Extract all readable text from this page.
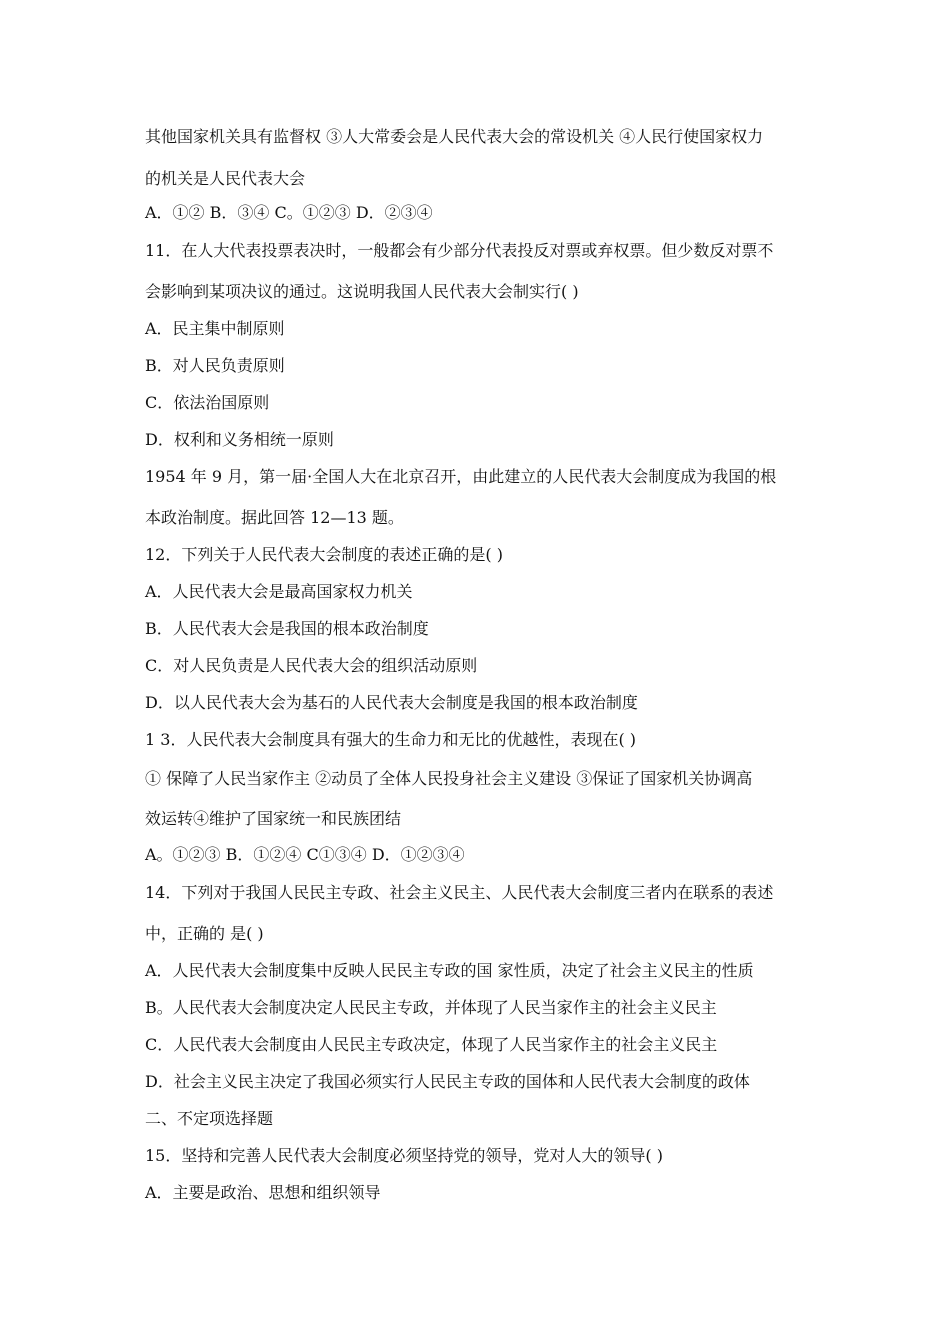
其他国家机关具有监督权 ③人大常委会是人民代表大会的常设机关 ④人民行使国家权力
的机关是人民代表大会
A．①② B．③④ C。①②③ D．②③④
11．在人大代表投票表决时，一般都会有少部分代表投反对票或弃权票。但少数反对票不
会影响到某项决议的通过。这说明我国人民代表大会制实行( )
A．民主集中制原则
B．对人民负责原则
C．依法治国原则
D．权利和义务相统一原则
1954 年 9 月，第一届·全国人大在北京召开，由此建立的人民代表大会制度成为我国的根
本政治制度。据此回答 12—13 题。
12．下列关于人民代表大会制度的表述正确的是( )
A．人民代表大会是最高国家权力机关
B．人民代表大会是我国的根本政治制度
C．对人民负责是人民代表大会的组织活动原则
D．以人民代表大会为基石的人民代表大会制度是我国的根本政治制度
1 3．人民代表大会制度具有强大的生命力和无比的优越性，表现在( )
① 保障了人民当家作主 ②动员了全体人民投身社会主义建设 ③保证了国家机关协调高
效运转④维护了国家统一和民族团结
A。①②③ B．①②④ C①③④ D．①②③④
14．下列对于我国人民民主专政、社会主义民主、人民代表大会制度三者内在联系的表述
中，正确的 是( )
A．人民代表大会制度集中反映人民民主专政的国 家性质，决定了社会主义民主的性质
B。人民代表大会制度决定人民民主专政，并体现了人民当家作主的社会主义民主
C．人民代表大会制度由人民民主专政决定，体现了人民当家作主的社会主义民主
D．社会主义民主决定了我国必须实行人民民主专政的国体和人民代表大会制度的政体
二、不定项选择题
15．坚持和完善人民代表大会制度必须坚持党的领导，党对人大的领导( )
A．主要是政治、思想和组织领导
